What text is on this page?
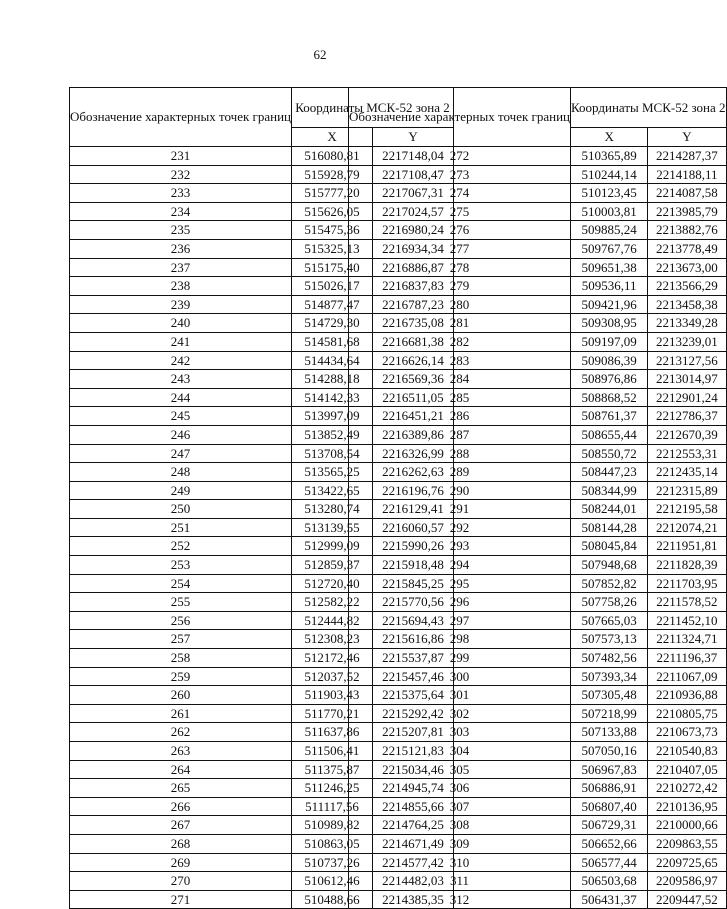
62
Обозначение характерных точек границ	Координаты МСК-52 зона 2	
	X	Y
231	516080,81	2217148,04
232	515928,79	2217108,47
233	515777,20	2217067,31
234	515626,05	2217024,57
235	515475,36	2216980,24
236	515325,13	2216934,34
237	515175,40	2216886,87
238	515026,17	2216837,83
239	514877,47	2216787,23
240	514729,30	2216735,08
241	514581,68	2216681,38
242	514434,64	2216626,14
243	514288,18	2216569,36
244	514142,33	2216511,05
245	513997,09	2216451,21
246	513852,49	2216389,86
247	513708,54	2216326,99
248	513565,25	2216262,63
249	513422,65	2216196,76
250	513280,74	2216129,41
251	513139,55	2216060,57
252	512999,09	2215990,26
253	512859,37	2215918,48
254	512720,40	2215845,25
255	512582,22	2215770,56
256	512444,82	2215694,43
257	512308,23	2215616,86
258	512172,46	2215537,87
259	512037,52	2215457,46
260	511903,43	2215375,64
261	511770,21	2215292,42
262	511637,86	2215207,81
263	511506,41	2215121,83
264	511375,87	2215034,46
265	511246,25	2214945,74
266	511117,56	2214855,66
267	510989,82	2214764,25
268	510863,05	2214671,49
269	510737,26	2214577,42
270	510612,46	2214482,03
271	510488,66	2214385,35
Обозначение характерных точек границ	Координаты МСК-52 зона 2	
	X	Y
272	510365,89	2214287,37
273	510244,14	2214188,11
274	510123,45	2214087,58
275	510003,81	2213985,79
276	509885,24	2213882,76
277	509767,76	2213778,49
278	509651,38	2213673,00
279	509536,11	2213566,29
280	509421,96	2213458,38
281	509308,95	2213349,28
282	509197,09	2213239,01
283	509086,39	2213127,56
284	508976,86	2213014,97
285	508868,52	2212901,24
286	508761,37	2212786,37
287	508655,44	2212670,39
288	508550,72	2212553,31
289	508447,23	2212435,14
290	508344,99	2212315,89
291	508244,01	2212195,58
292	508144,28	2212074,21
293	508045,84	2211951,81
294	507948,68	2211828,39
295	507852,82	2211703,95
296	507758,26	2211578,52
297	507665,03	2211452,10
298	507573,13	2211324,71
299	507482,56	2211196,37
300	507393,34	2211067,09
301	507305,48	2210936,88
302	507218,99	2210805,75
303	507133,88	2210673,73
304	507050,16	2210540,83
305	506967,83	2210407,05
306	506886,91	2210272,42
307	506807,40	2210136,95
308	506729,31	2210000,66
309	506652,66	2209863,55
310	506577,44	2209725,65
311	506503,68	2209586,97
312	506431,37	2209447,52
